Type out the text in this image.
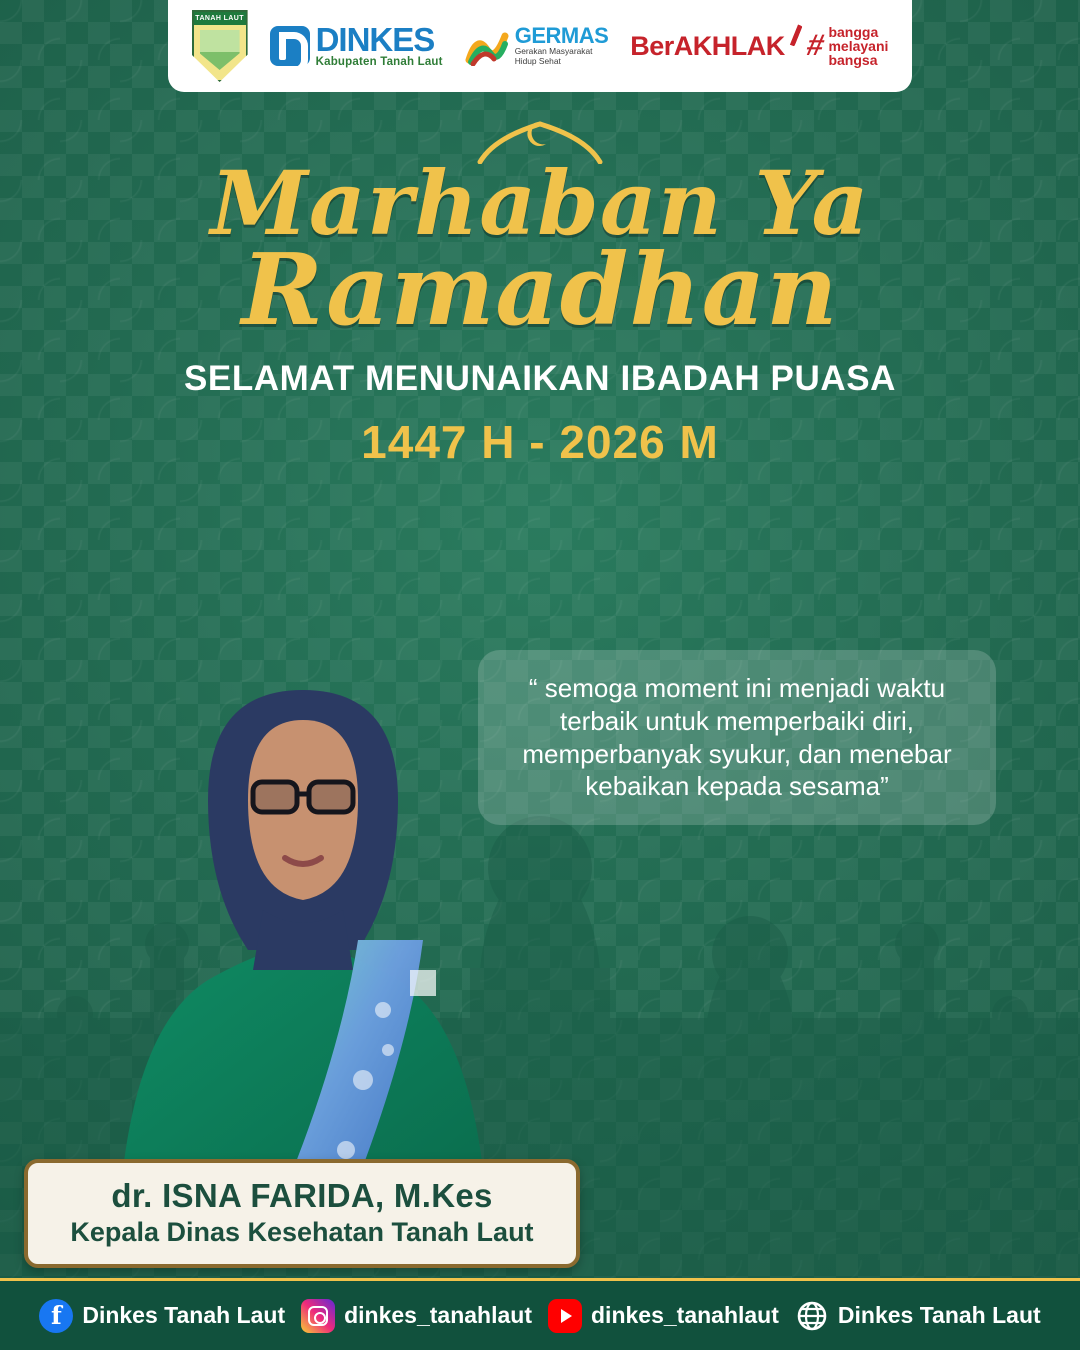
TANAH LAUT
DINKES
Kabupaten Tanah Laut
GERMAS
Gerakan Masyarakat
Hidup Sehat
BerAKHLAK # bangga
melayani
bangsa
Marhaban Ya
Ramadhan
SELAMAT MENUNAIKAN IBADAH PUASA
1447 H - 2026 M
“ semoga moment ini menjadi waktu terbaik untuk memperbaiki diri, memperbanyak syukur, dan menebar kebaikan kepada sesama”
dr. ISNA FARIDA, M.Kes
Kepala Dinas Kesehatan Tanah Laut
f Dinkes Tanah Laut	dinkes_tanahlaut	dinkes_tanahlaut	Dinkes Tanah Laut
